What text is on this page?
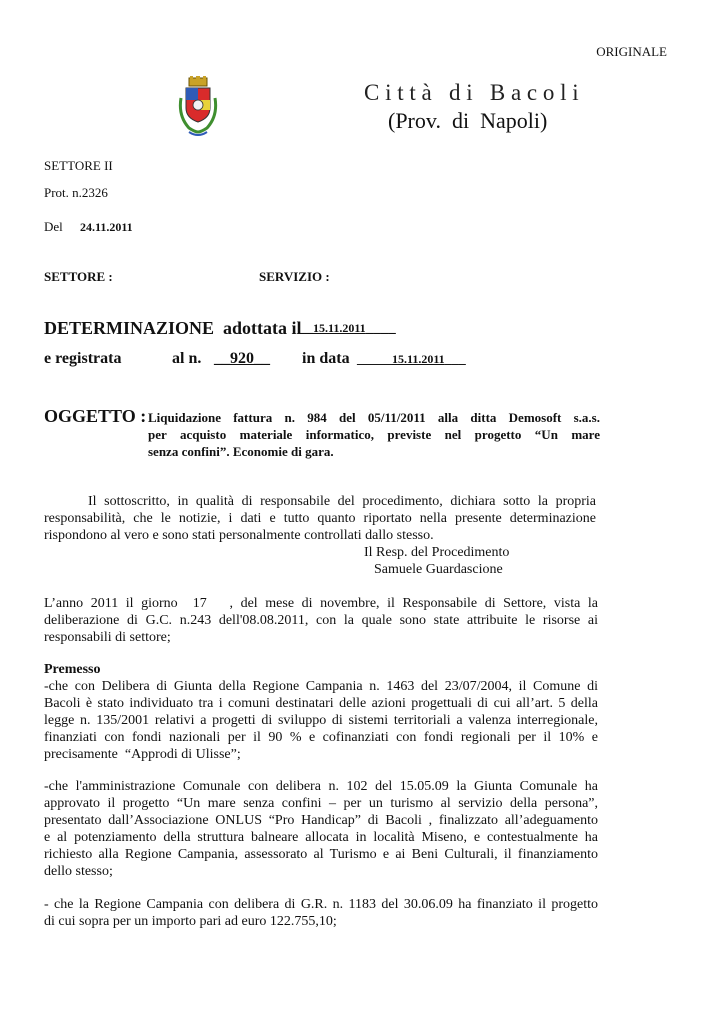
ORIGINALE
C i t t à   d i   B a c o l i
(Prov.  di  Napoli)
SETTORE II
Prot. n.2326
Del 24.11.2011
SETTORE :	SERVIZIO :
DETERMINAZIONE  adottata il
__15.11.2011____
e registrata	al n. __920__ in data _____15.11.2011___
OGGETTO : Liquidazione fattura n. 984 del 05/11/2011 alla ditta Demosoft s.a.s.
per acquisto materiale informatico, previste nel progetto “Un mare
senza confini”. Economie di gara.
Il sottoscritto, in qualità di responsabile del procedimento, dichiara sotto la propria
responsabilità, che le notizie, i dati e tutto quanto riportato nella presente determinazione
rispondono al vero e sono stati personalmente controllati dallo stesso.
Il Resp. del Procedimento
Samuele Guardascione
L’anno 2011 il giorno  17   , del mese di novembre, il Responsabile di Settore, vista la
deliberazione di G.C. n.243 dell'08.08.2011, con la quale sono state attribuite le risorse ai
responsabili di settore;
Premesso
-che con Delibera di Giunta della Regione Campania n. 1463 del 23/07/2004, il Comune di
Bacoli è stato individuato tra i comuni destinatari delle azioni progettuali di cui all’art. 5 della
legge n. 135/2001 relativi a progetti di sviluppo di sistemi territoriali a valenza interregionale,
finanziati con fondi nazionali per il 90 % e cofinanziati con fondi regionali per il 10% e
precisamente  “Approdi di Ulisse”;
-che l'amministrazione Comunale con delibera n. 102 del 15.05.09 la Giunta Comunale ha
approvato il progetto “Un mare senza confini – per un turismo al servizio della persona”,
presentato dall’Associazione ONLUS “Pro Handicap” di Bacoli , finalizzato all’adeguamento
e al potenziamento della struttura balneare allocata in località Miseno, e contestualmente ha
richiesto alla Regione Campania, assessorato al Turismo e ai Beni Culturali, il finanziamento
dello stesso;
- che la Regione Campania con delibera di G.R. n. 1183 del 30.06.09 ha finanziato il progetto
di cui sopra per un importo pari ad euro 122.755,10;
